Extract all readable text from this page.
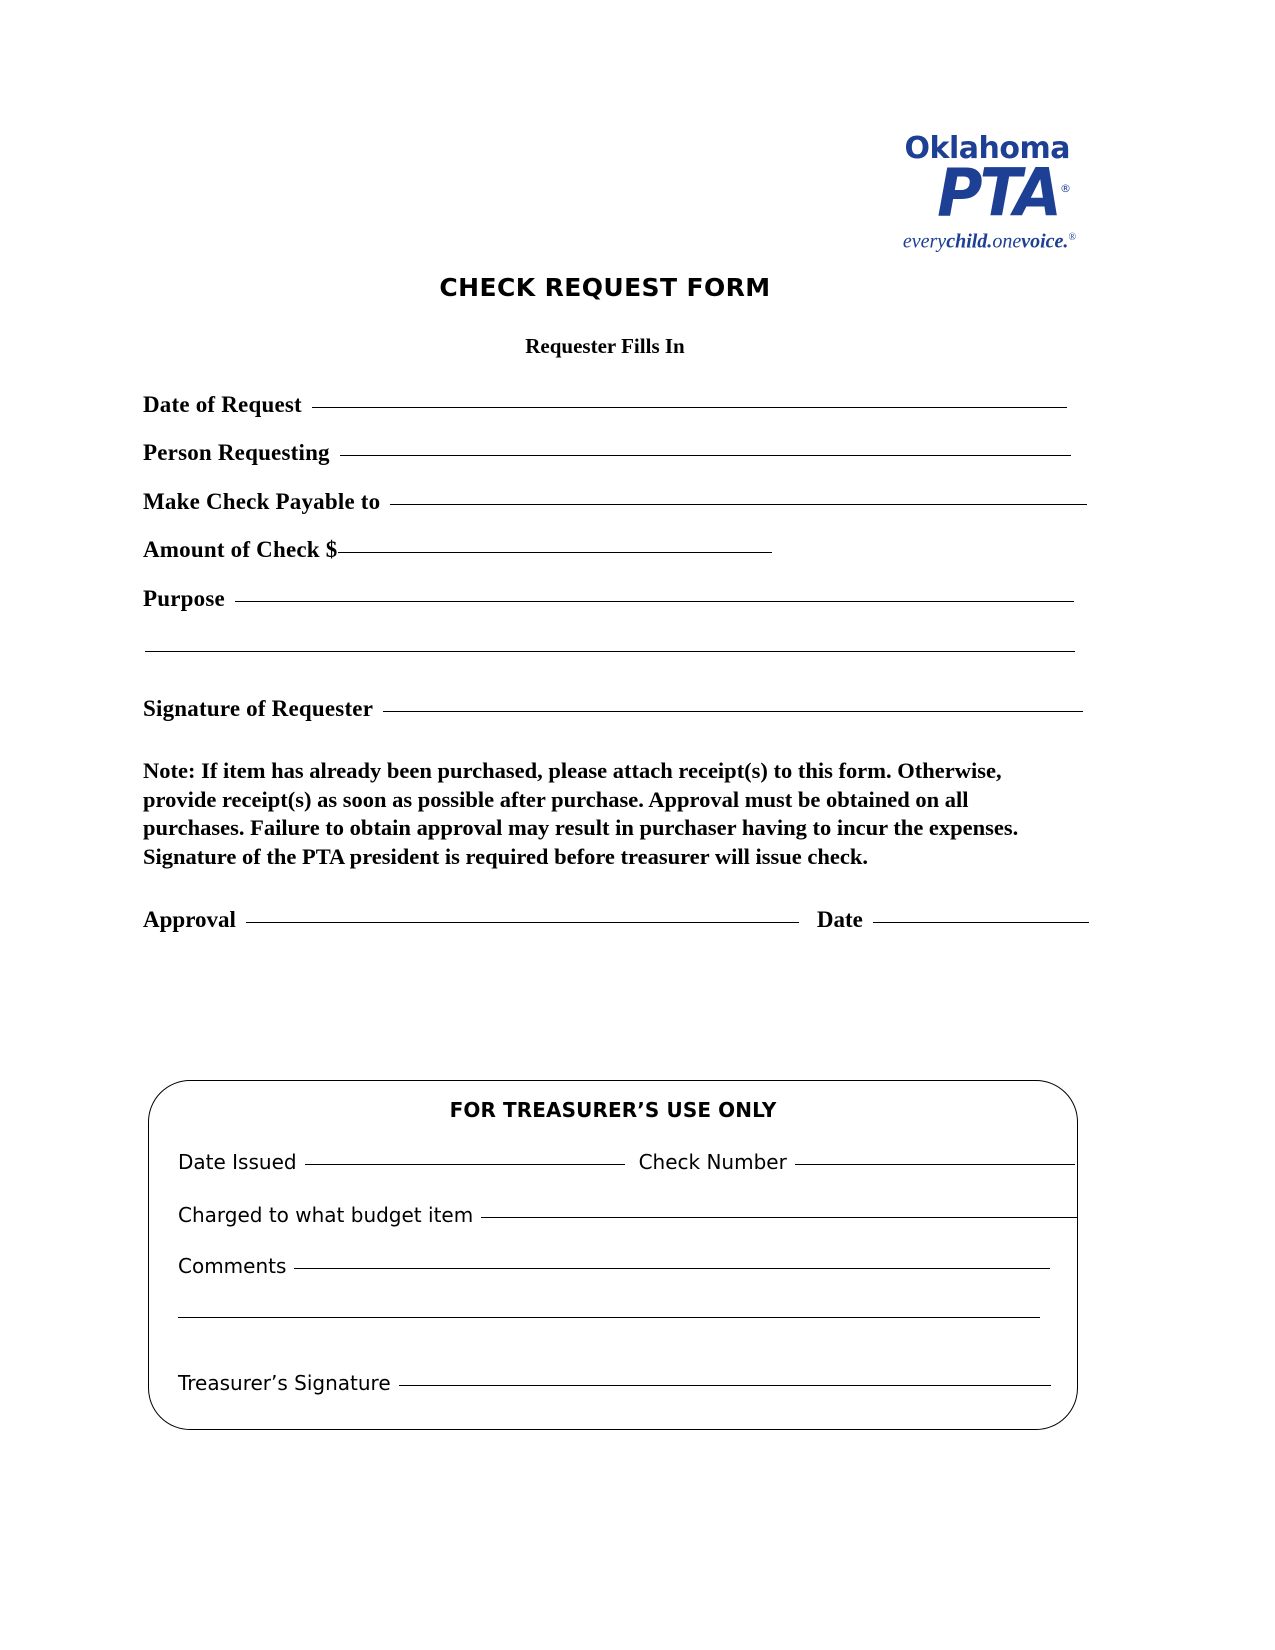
Oklahoma
PTA®
everychild.onevoice.®
CHECK REQUEST FORM
Requester Fills In
Date of Request
Person Requesting
Make Check Payable to
Amount of Check $
Purpose
Signature of Requester
Note: If item has already been purchased, please attach receipt(s) to this form. Otherwise, provide receipt(s) as soon as possible after purchase. Approval must be obtained on all purchases. Failure to obtain approval may result in purchaser having to incur the expenses. Signature of the PTA president is required before treasurer will issue check.
Approval	Date
FOR TREASURER’S USE ONLY
Date Issued	Check Number
Charged to what budget item
Comments
Treasurer’s Signature
